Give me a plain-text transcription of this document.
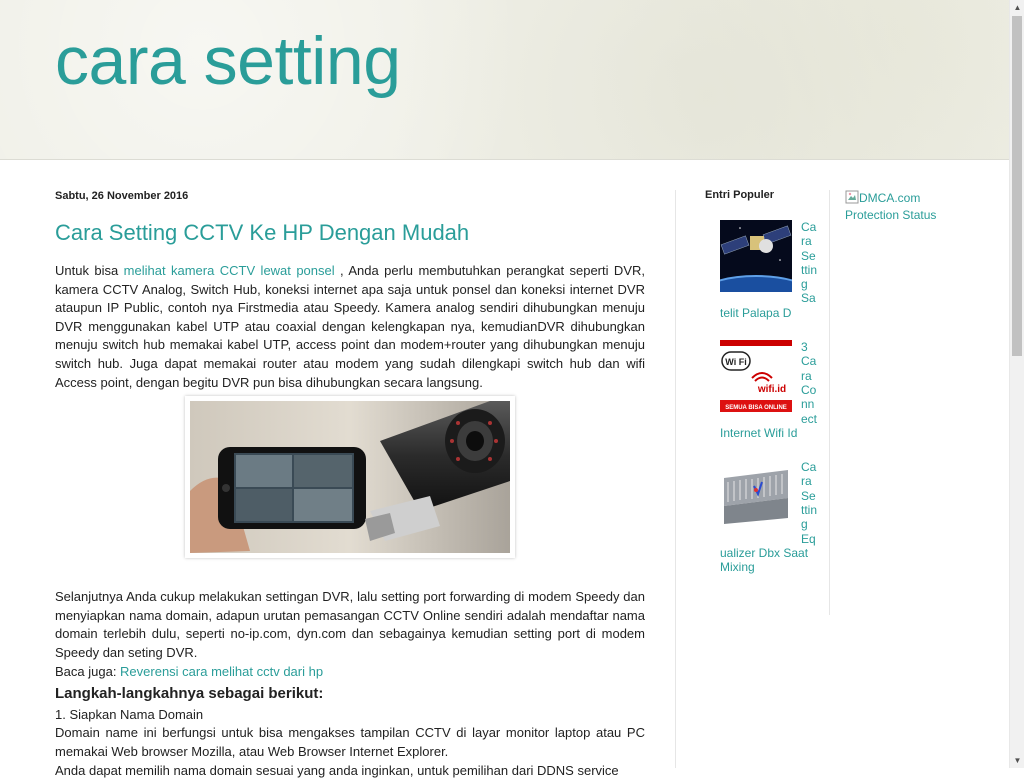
cara setting
Sabtu, 26 November 2016
Cara Setting CCTV Ke HP Dengan Mudah

Untuk bisa melihat kamera CCTV lewat ponsel , Anda perlu membutuhkan perangkat seperti DVR, kamera CCTV Analog, Switch Hub, koneksi internet apa saja untuk ponsel dan koneksi internet DVR ataupun IP Public, contoh nya Firstmedia atau Speedy. Kamera analog sendiri dihubungkan menuju DVR menggunakan kabel UTP atau coaxial dengan kelengkapan nya, kemudianDVR dihubungkan menuju switch hub memakai kabel UTP, access point dan modem+router yang dihubungkan menuju switch hub. Juga dapat memakai router atau modem yang sudah dilengkapi switch hub dan wifi Access point, dengan begitu DVR pun bisa dihubungkan secara langsung.

Selanjutnya Anda cukup melakukan settingan DVR, lalu setting port forwarding di modem Speedy dan menyiapkan nama domain, adapun urutan pemasangan CCTV Online sendiri adalah mendaftar nama domain terlebih dulu, seperti no-ip.com, dyn.com dan sebagainya kemudian setting port di modem Speedy dan seting DVR.

Baca juga: Reverensi cara melihat cctv dari hp

Langkah-langkahnya sebagai berikut:

1. Siapkan Nama Domain

Domain name ini berfungsi untuk bisa mengakses tampilan CCTV di layar monitor laptop atau PC memakai Web browser Mozilla, atau Web Browser Internet Explorer.

Anda dapat memilih nama domain sesuai yang anda inginkan, untuk pemilihan dari DDNS service

Entri Populer
Cara Setting Satelit Palapa D
Wi Fi
wifi.id
SEMUA BISA ONLINE
3 Cara Connect Internet Wifi Id
Cara Setting Equalizer Dbx Saat Mixing
DMCA.com Protection Status
▲
▼
